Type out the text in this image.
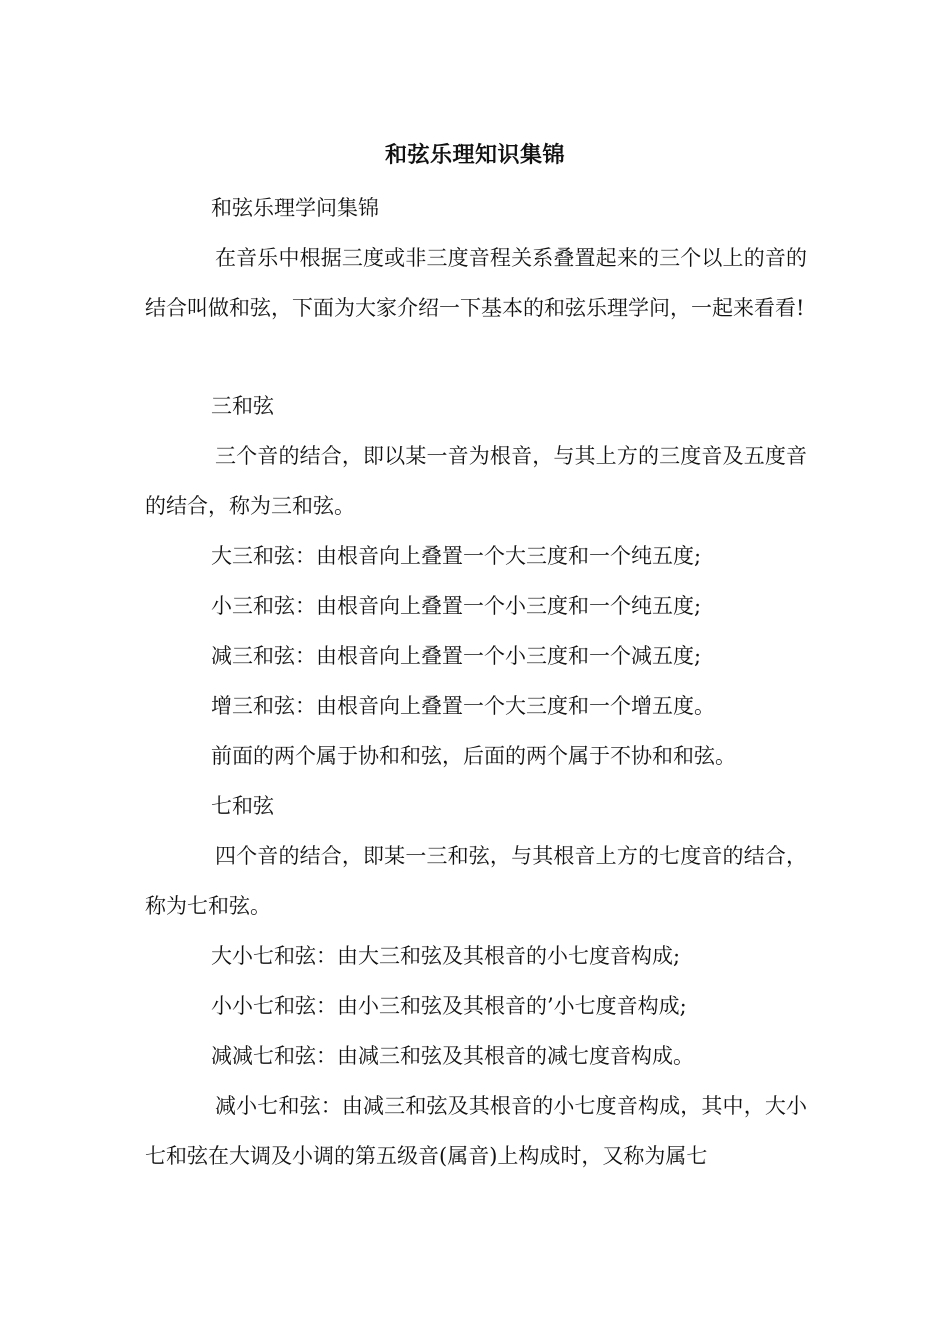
和弦乐理知识集锦

和弦乐理学问集锦

在音乐中根据三度或非三度音程关系叠置起来的三个以上的音的结合叫做和弦，下面为大家介绍一下基本的和弦乐理学问，一起来看看!

三和弦

三个音的结合，即以某一音为根音，与其上方的三度音及五度音的结合，称为三和弦。

大三和弦：由根音向上叠置一个大三度和一个纯五度;

小三和弦：由根音向上叠置一个小三度和一个纯五度;

减三和弦：由根音向上叠置一个小三度和一个减五度;

增三和弦：由根音向上叠置一个大三度和一个增五度。

前面的两个属于协和和弦，后面的两个属于不协和和弦。

七和弦

四个音的结合，即某一三和弦，与其根音上方的七度音的结合，称为七和弦。

大小七和弦：由大三和弦及其根音的小七度音构成;

小小七和弦：由小三和弦及其根音的’小七度音构成;

减减七和弦：由减三和弦及其根音的减七度音构成。

减小七和弦：由减三和弦及其根音的小七度音构成，其中，大小七和弦在大调及小调的第五级音(属音)上构成时，又称为属七
